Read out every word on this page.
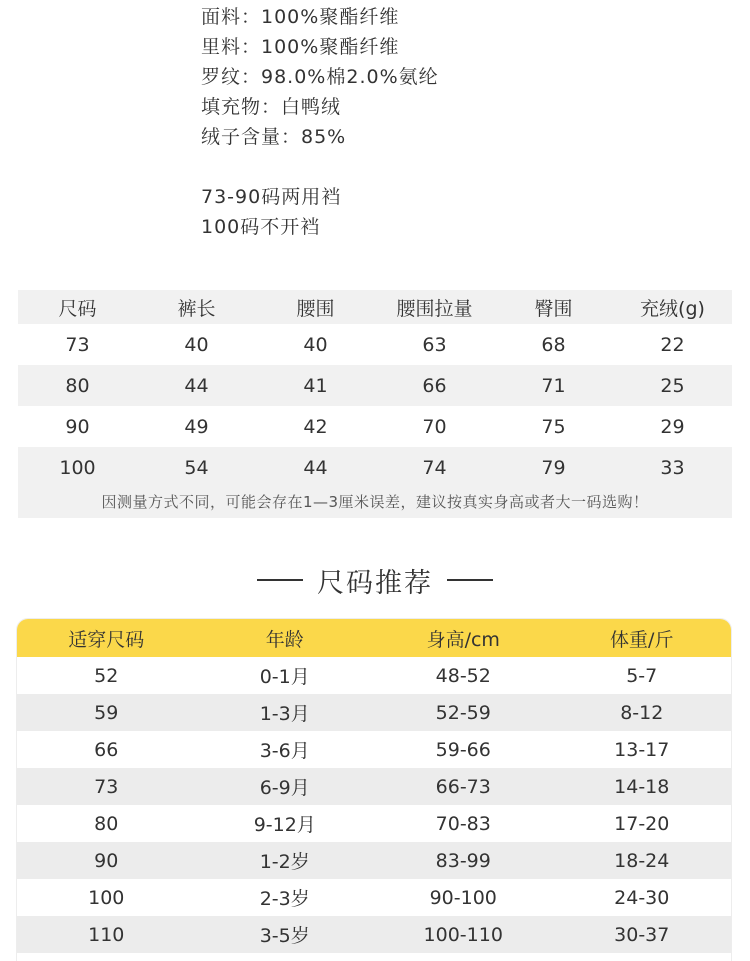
面料：100%聚酯纤维
里料：100%聚酯纤维
罗纹：98.0%棉2.0%氨纶
填充物：白鸭绒
绒子含量：85%
73-90码两用裆
100码不开裆
尺码	裤长	腰围	腰围拉量	臀围	充绒(g)
73	40	40	63	68	22
80	44	41	66	71	25
90	49	42	70	75	29
100	54	44	74	79	33
因测量方式不同，可能会存在1—3厘米误差，建议按真实身高或者大一码选购！
尺码推荐
适穿尺码	年龄	身高/cm	体重/斤
52	0-1月	48-52	5-7
59	1-3月	52-59	8-12
66	3-6月	59-66	13-17
73	6-9月	66-73	14-18
80	9-12月	70-83	17-20
90	1-2岁	83-99	18-24
100	2-3岁	90-100	24-30
110	3-5岁	100-110	30-37
